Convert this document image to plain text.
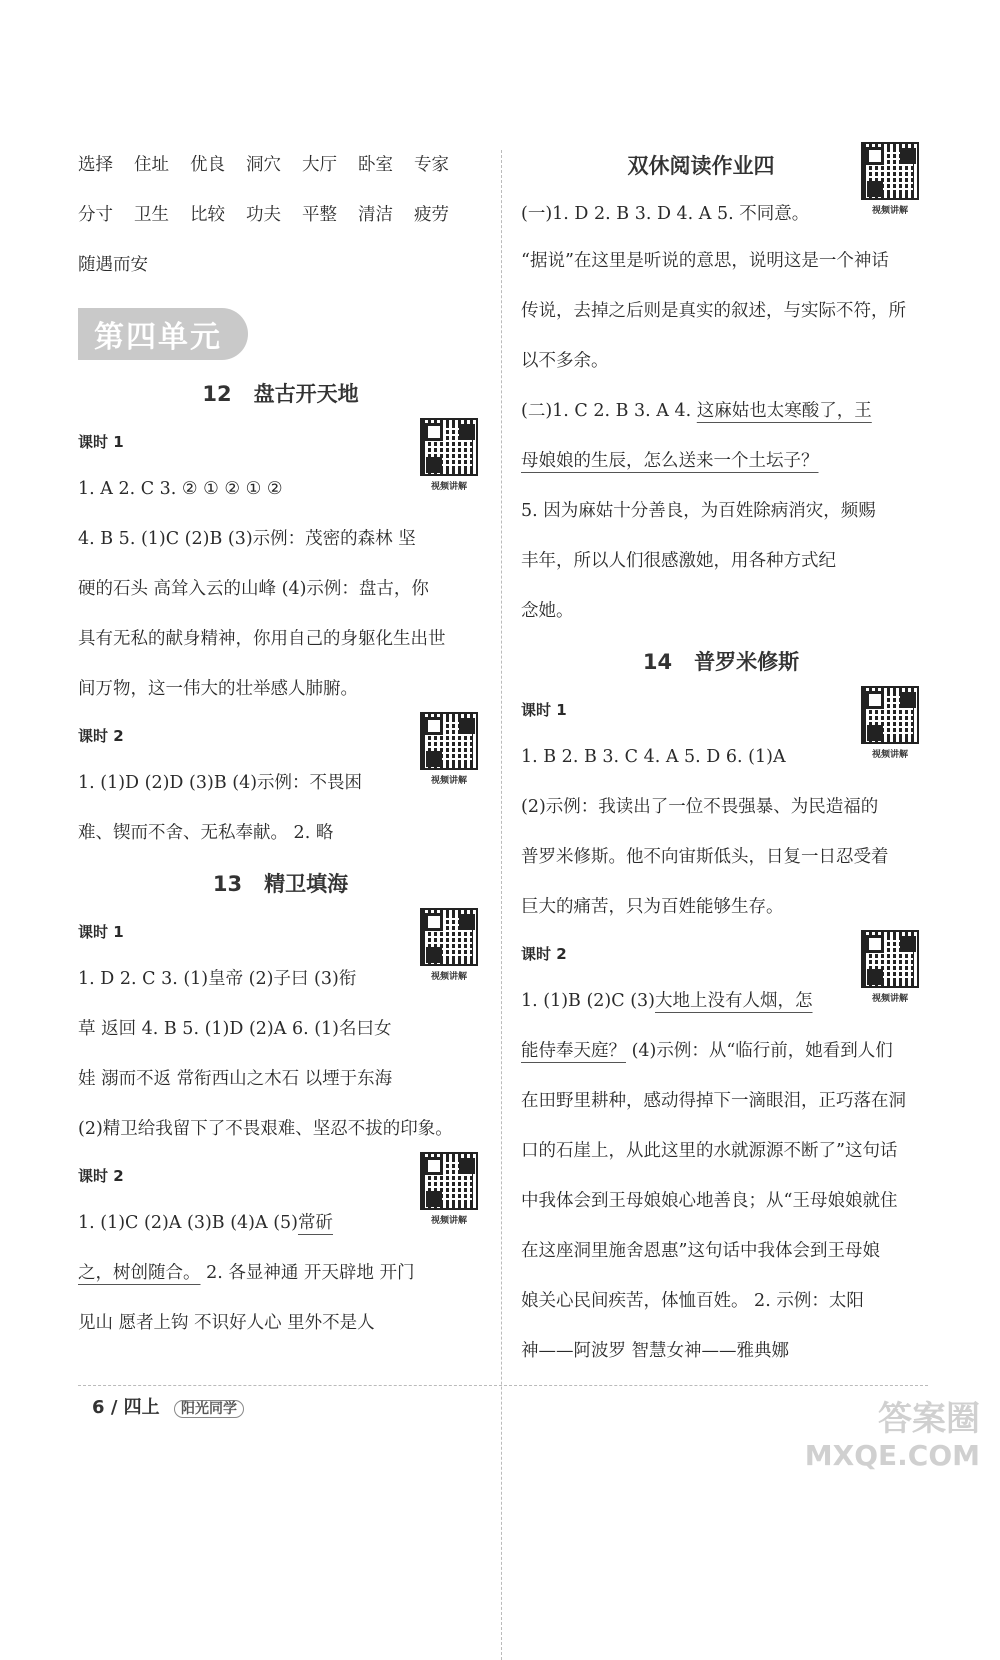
选择 住址 优良 洞穴 大厅 卧室 专家
分寸 卫生 比较 功夫 平整 清洁 疲劳
随遇而安
第四单元
12 盘古开天地
课时 1
视频讲解
1. A 2. C 3. ② ① ② ① ②
4. B 5. (1)C (2)B (3)示例：茂密的森林 坚
硬的石头 高耸入云的山峰 (4)示例：盘古，你
具有无私的献身精神，你用自己的身躯化生出世
间万物，这一伟大的壮举感人肺腑。
课时 2
视频讲解
1. (1)D (2)D (3)B (4)示例：不畏困
难、锲而不舍、无私奉献。 2. 略
13 精卫填海
课时 1
视频讲解
1. D 2. C 3. (1)皇帝 (2)子曰 (3)衔
草 返回 4. B 5. (1)D (2)A 6. (1)名曰女
娃 溺而不返 常衔西山之木石 以堙于东海
(2)精卫给我留下了不畏艰难、坚忍不拔的印象。
课时 2
视频讲解
1. (1)C (2)A (3)B (4)A (5)常斫
之，树创随合。 2. 各显神通 开天辟地 开门
见山 愿者上钩 不识好人心 里外不是人
双休阅读作业四
视频讲解
(一)1. D 2. B 3. D 4. A 5. 不同意。
“据说”在这里是听说的意思，说明这是一个神话
传说，去掉之后则是真实的叙述，与实际不符，所
以不多余。
(二)1. C 2. B 3. A 4. 这麻姑也太寒酸了，王
母娘娘的生辰，怎么送来一个土坛子？
5. 因为麻姑十分善良，为百姓除病消灾，频赐
丰年，所以人们很感激她，用各种方式纪
念她。
14 普罗米修斯
课时 1
视频讲解
1. B 2. B 3. C 4. A 5. D 6. (1)A
(2)示例：我读出了一位不畏强暴、为民造福的
普罗米修斯。他不向宙斯低头，日复一日忍受着
巨大的痛苦，只为百姓能够生存。
课时 2
视频讲解
1. (1)B (2)C (3)大地上没有人烟，怎
能侍奉天庭？ (4)示例：从“临行前，她看到人们
在田野里耕种，感动得掉下一滴眼泪，正巧落在洞
口的石崖上，从此这里的水就源源不断了”这句话
中我体会到王母娘娘心地善良；从“王母娘娘就住
在这座洞里施舍恩惠”这句话中我体会到王母娘
娘关心民间疾苦，体恤百姓。 2. 示例：太阳
神——阿波罗 智慧女神——雅典娜
6 / 四上 阳光同学	答案圈
MXQE.COM
